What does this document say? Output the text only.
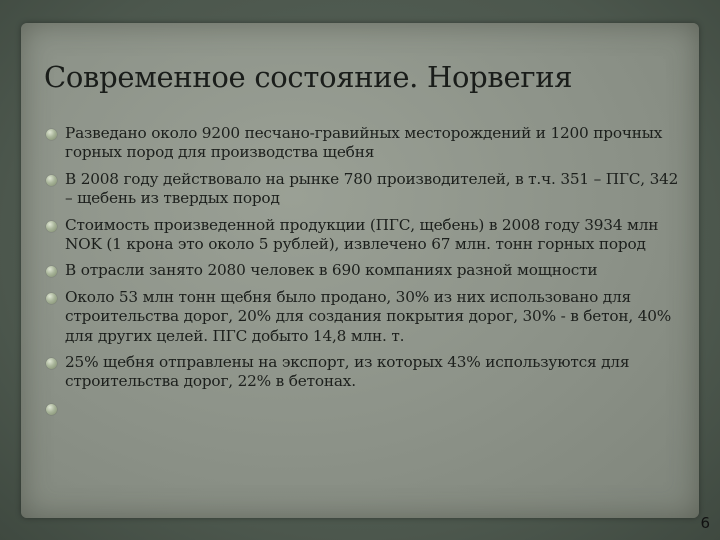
Современное состояние. Норвегия
Разведано около 9200 песчано-гравийных месторождений и 1200 прочных горных пород для производства щебня
В 2008 году действовало на рынке 780 производителей, в т.ч. 351 – ПГС, 342 – щебень из твердых пород
Стоимость произведенной продукции (ПГС, щебень) в 2008 году 3934 млн NOK (1 крона это около 5 рублей), извлечено 67 млн. тонн горных пород
В отрасли занято 2080 человек в 690 компаниях разной мощности
Около 53 млн тонн щебня было продано, 30% из них использовано для строительства дорог, 20% для создания покрытия дорог, 30% - в бетон, 40% для других целей. ПГС добыто 14,8 млн. т.
25% щебня отправлены на экспорт, из которых 43% используются для строительства дорог, 22% в бетонах.
6
